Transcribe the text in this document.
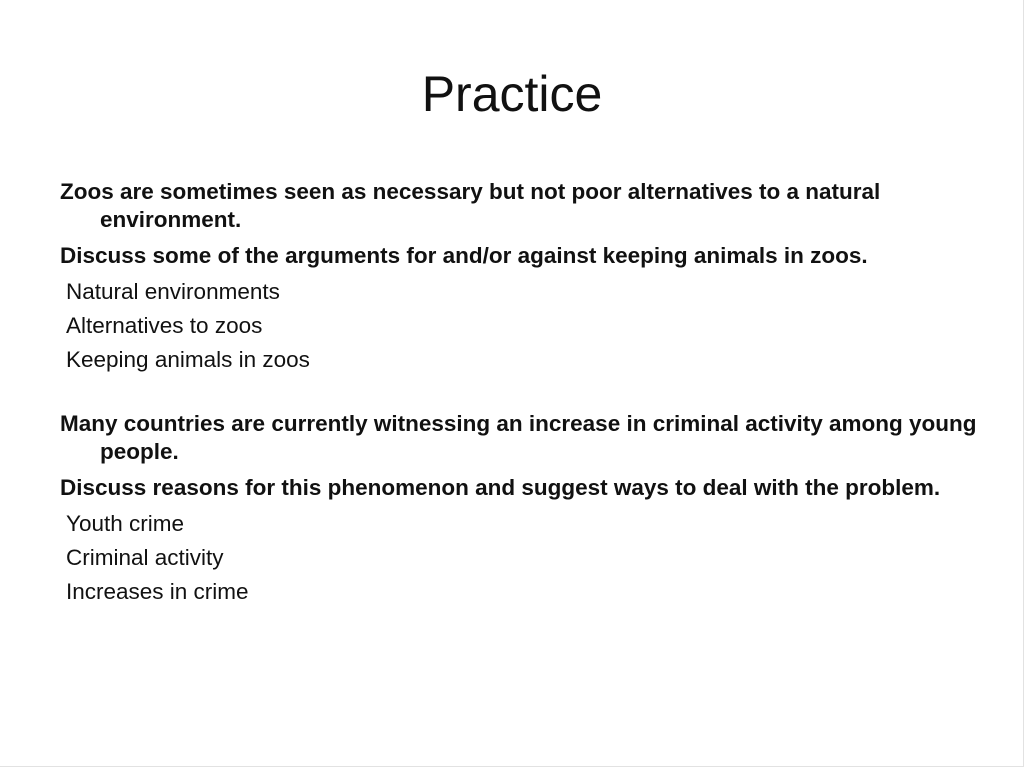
Practice

Zoos are sometimes seen as necessary but not poor alternatives to a natural environment.

Discuss some of the arguments for and/or against keeping animals in zoos.

Natural environments

Alternatives to zoos

Keeping animals in zoos

Many countries are currently witnessing an increase in criminal activity among young people.

Discuss reasons for this phenomenon and suggest ways to deal with the problem.

Youth crime

Criminal activity

Increases in crime
